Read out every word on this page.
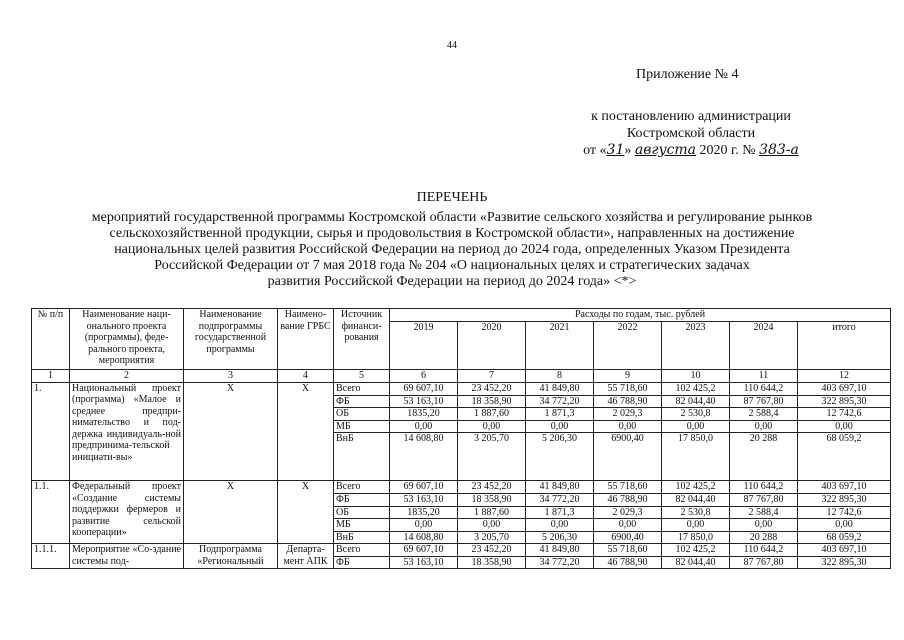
44
Приложение № 4
к постановлению администрации
Костромской области
от «31» августа 2020 г. № 383-а
ПЕРЕЧЕНЬ
мероприятий государственной программы Костромской области «Развитие сельского хозяйства и регулирование рынков
сельскохозяйственной продукции, сырья и продовольствия в Костромской области», направленных на достижение
национальных целей развития Российской Федерации на период до 2024 года, определенных Указом Президента
Российской Федерации от 7 мая 2018 года № 204 «О национальных целях и стратегических задачах
развития Российской Федерации на период до 2024 года» <*>
№ п/п	Наименование наци-онального проекта (программы), феде-рального проекта, мероприятия	Наименование подпрограммы государственной программы	Наимено-вание ГРБС	Источник финанси-рования	Расходы по годам, тыс. рублей						
					2019	2020	2021	2022	2023	2024	итого
1	2	3	4	5	6	7	8	9	10	11	12
1.	Национальный проект (программа) «Малое и среднее предпри-нимательство и под-держка индивидуаль-ной предпринима-тельской инициати-вы»	X	X	Всего	69 607,10	23 452,20	41 849,80	55 718,60	102 425,2	110 644,2	403 697,10
				ФБ	53 163,10	18 358,90	34 772,20	46 788,90	82 044,40	87 767,80	322 895,30
				ОБ	1835,20	1 887,60	1 871,3	2 029,3	2 530,8	2 588,4	12 742,6
				МБ	0,00	0,00	0,00	0,00	0,00	0,00	0,00
				ВнБ	14 608,80	3 205,70	5 206,30	6900,40	17 850,0	20 288	68 059,2
1.1.	Федеральный проект «Создание системы поддержки фермеров и развитие сельской кооперации»	X	X	Всего	69 607,10	23 452,20	41 849,80	55 718,60	102 425,2	110 644,2	403 697,10
				ФБ	53 163,10	18 358,90	34 772,20	46 788,90	82 044,40	87 767,80	322 895,30
				ОБ	1835,20	1 887,60	1 871,3	2 029,3	2 530,8	2 588,4	12 742,6
				МБ	0,00	0,00	0,00	0,00	0,00	0,00	0,00
				ВнБ	14 608,80	3 205,70	5 206,30	6900,40	17 850,0	20 288	68 059,2
1.1.1.	Мероприятие «Со-здание системы под-	Подпрограмма «Региональный	Департа-мент АПК	Всего	69 607,10	23 452,20	41 849,80	55 718,60	102 425,2	110 644,2	403 697,10
				ФБ	53 163,10	18 358,90	34 772,20	46 788,90	82 044,40	87 767,80	322 895,30
